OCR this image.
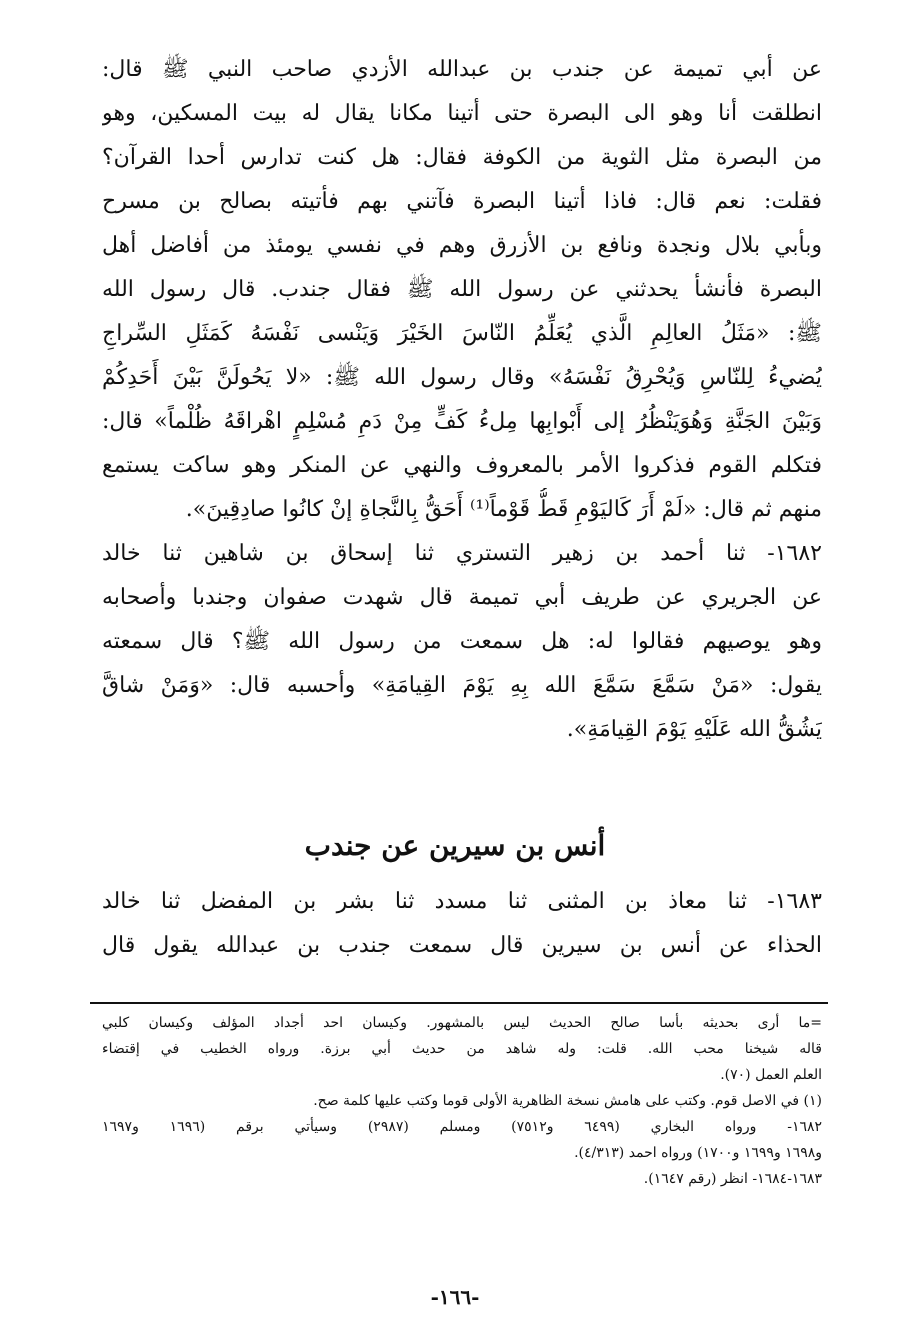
عن أبي تميمة عن جندب بن عبدالله الأزدي صاحب النبي ﷺ قال:
انطلقت أنا وهو الى البصرة حتى أتينا مكانا يقال له بيت المسكين، وهو
من البصرة مثل الثوية من الكوفة فقال: هل كنت تدارس أحدا القرآن؟
فقلت: نعم قال: فاذا أتينا البصرة فآتني بهم فأتيته بصالح بن مسرح
وبأبي بلال ونجدة ونافع بن الأزرق وهم في نفسي يومئذ من أفاضل أهل
البصرة فأنشأ يحدثني عن رسول الله ﷺ فقال جندب. قال رسول الله
ﷺ: «مَثَلُ العالِمِ الَّذي يُعَلِّمُ النّاسَ الخَيْرَ وَيَنْسى نَفْسَهُ كَمَثَلِ السِّراجِ
يُضيءُ لِلنّاسِ وَيُحْرِقُ نَفْسَهُ» وقال رسول الله ﷺ: «لا يَحُولَنَّ بَيْنَ أَحَدِكُمْ
وَبَيْنَ الجَنَّةِ وَهُوَيَنْظُرُ إلى أَبْوابِها مِلءُ كَفٍّ مِنْ دَمِ مُسْلِمٍ اهْراقَهُ ظُلْماً» قال:
فتكلم القوم فذكروا الأمر بالمعروف والنهي عن المنكر وهو ساكت يستمع
منهم ثم قال: «لَمْ أَرَ كَاليَوْمِ قَطُّ قَوْماً⁽¹⁾ أَحَقُّ بِالنَّجاةِ إنْ كانُوا صادِقِينَ».
١٦٨٢- ثنا أحمد بن زهير التستري ثنا إسحاق بن شاهين ثنا خالد
عن الجريري عن طريف أبي تميمة قال شهدت صفوان وجندبا وأصحابه
وهو يوصيهم فقالوا له: هل سمعت من رسول الله ﷺ؟ قال سمعته
يقول: «مَنْ سَمَّعَ سَمَّعَ الله بِهِ يَوْمَ القِيامَةِ» وأحسبه قال: «وَمَنْ شاقَّ
يَشُقُّ الله عَلَيْهِ يَوْمَ القِيامَةِ».
أنس بن سيرين عن جندب
١٦٨٣- ثنا معاذ بن المثنى ثنا مسدد ثنا بشر بن المفضل ثنا خالد
الحذاء عن أنس بن سيرين قال سمعت جندب بن عبدالله يقول قال
=ما أرى بحديثه بأسا صالح الحديث ليس بالمشهور. وكيسان احد أجداد المؤلف وكيسان كلبي
قاله شيخنا محب الله. قلت: وله شاهد من حديث أبي برزة. ورواه الخطيب في إقتضاء
العلم العمل (٧٠).
(١) في الاصل قوم. وكتب على هامش نسخة الظاهرية الأولى قوما وكتب عليها كلمة صح.
١٦٨٢- ورواه البخاري (٦٤٩٩ و٧٥١٢) ومسلم (٢٩٨٧) وسيأتي برقم (١٦٩٦ و١٦٩٧
و١٦٩٨ و١٦٩٩ و١٧٠٠) ورواه احمد (٤/٣١٣).
١٦٨٣-١٦٨٤- انظر (رقم ١٦٤٧).
-١٦٦-
